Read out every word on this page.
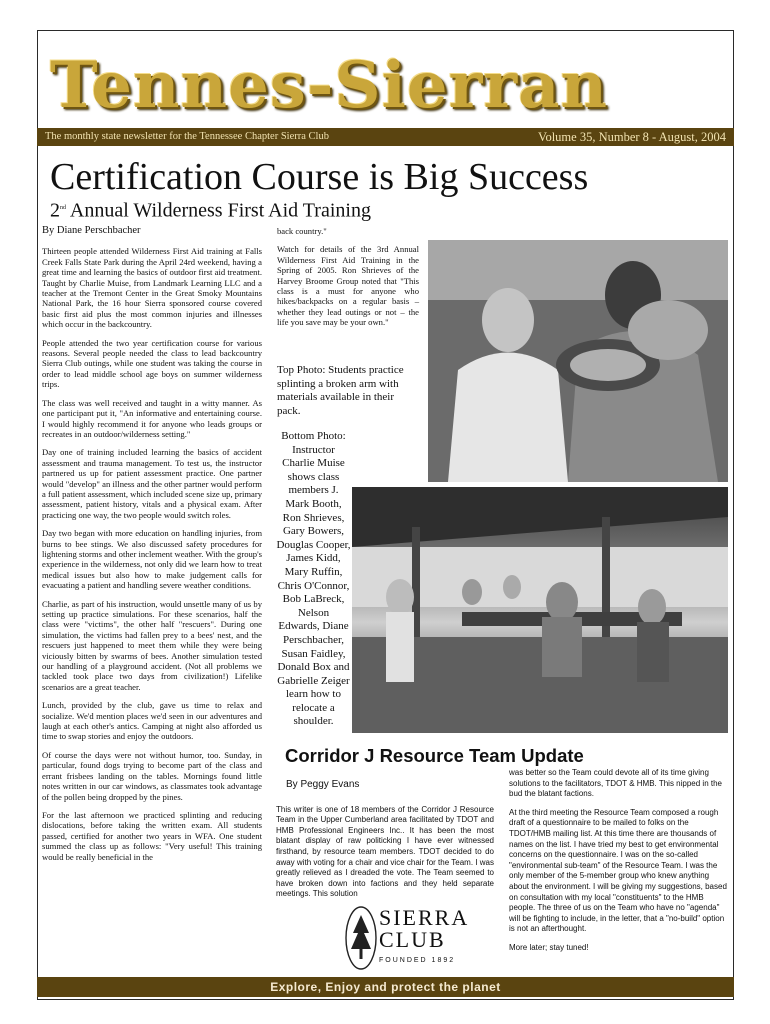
Tennes-Sierran
The monthly state newsletter for the Tennessee Chapter Sierra Club	Volume 35, Number 8 - August, 2004
Certification Course is Big Success
2nd Annual Wilderness First Aid Training
By Diane Perschbacher

Thirteen people attended Wilderness First Aid training at Falls Creek Falls State Park during the April 24rd weekend, having a great time and learning the basics of outdoor first aid treatment. Taught by Charlie Muise, from Landmark Learning LLC and a teacher at the Tremont Center in the Great Smoky Mountains National Park, the 16 hour Sierra sponsored course covered basic first aid plus the most common injuries and illnesses which occur in the backcountry.

People attended the two year certification course for various reasons. Several people needed the class to lead backcountry Sierra Club outings, while one student was taking the course in order to lead middle school age boys on summer wilderness trips.

The class was well received and taught in a witty manner. As one participant put it, "An informative and entertaining course. I would highly recommend it for anyone who leads groups or recreates in an outdoor/wilderness setting."

Day one of training included learning the basics of accident assessment and trauma management. To test us, the instructor partnered us up for patient assessment practice. One partner would "develop" an illness and the other partner would perform a full patient assessment, which included scene size up, primary assessment, patient history, vitals and a physical exam. After practicing one way, the two people would switch roles.

Day two began with more education on handling injuries, from burns to bee stings. We also discussed safety procedures for lightening storms and other inclement weather. With the group's experience in the wilderness, not only did we learn how to treat medical issues but also how to make judgement calls for evacuating a patient and handling severe weather conditions.

Charlie, as part of his instruction, would unsettle many of us by setting up practice simulations. For these scenarios, half the class were "victims", the other half "rescuers". During one simulation, the victims had fallen prey to a bees' nest, and the rescuers just happened to meet them while they were being viciously bitten by swarms of bees. Another simulation tested our handling of a playground accident. (Not all problems we tackled took place two days from civilization!) Lifelike scenarios are a great teacher.

Lunch, provided by the club, gave us time to relax and socialize. We'd mention places we'd seen in our adventures and laugh at each other's antics. Camping at night also afforded us time to swap stories and enjoy the outdoors.

Of course the days were not without humor, too. Sunday, in particular, found dogs trying to become part of the class and errant frisbees landing on the tables. Mornings found little notes written in our car windows, as classmates took advantage of the pollen being dropped by the pines.

For the last afternoon we practiced splinting and reducing dislocations, before taking the written exam. All students passed, certified for another two years in WFA. One student summed the class up as follows: "Very useful! This training would be really beneficial in the

back country."

Watch for details of the 3rd Annual Wilderness First Aid Training in the Spring of 2005. Ron Shrieves of the Harvey Broome Group noted that "This class is a must for anyone who hikes/backpacks on a regular basis – whether they lead outings or not – the life you save may be your own."

Top Photo: Students practice splinting a broken arm with materials available in their pack.
Bottom Photo: Instructor Charlie Muise shows class members J. Mark Booth, Ron Shrieves, Gary Bowers, Douglas Cooper, James Kidd, Mary Ruffin, Chris O'Connor, Bob LaBreck, Nelson Edwards, Diane Perschbacher, Susan Faidley, Donald Box and Gabrielle Zeiger learn how to relocate a shoulder.
Corridor J Resource Team Update
By Peggy Evans

This writer is one of 18 members of the Corridor J Resource Team in the Upper Cumberland area facilitated by TDOT and HMB Professional Engineers Inc.. It has been the most blatant display of raw politicking I have ever witnessed firsthand, by resource team members. TDOT decided to do away with voting for a chair and vice chair for the Team. I was greatly relieved as I dreaded the vote. The Team seemed to have broken down into factions and they held separate meetings. This solution

was better so the Team could devote all of its time giving solutions to the facilitators, TDOT & HMB. This nipped in the bud the blatant factions.

At the third meeting the Resource Team composed a rough draft of a questionnaire to be mailed to folks on the TDOT/HMB mailing list. At this time there are thousands of names on the list. I have tried my best to get environmental concerns on the questionnaire. I was on the so-called "environmental sub-team" of the Resource Team. I was the only member of the 5-member group who knew anything about the environment. I will be giving my suggestions, based on consultation with my local "constituents" to the HMB people. The three of us on the Team who have no "agenda" will be fighting to include, in the letter, that a "no-build" option is not an afterthought.

More later; stay tuned!

SIERRA
CLUB
FOUNDED 1892
Explore, Enjoy and protect the planet
